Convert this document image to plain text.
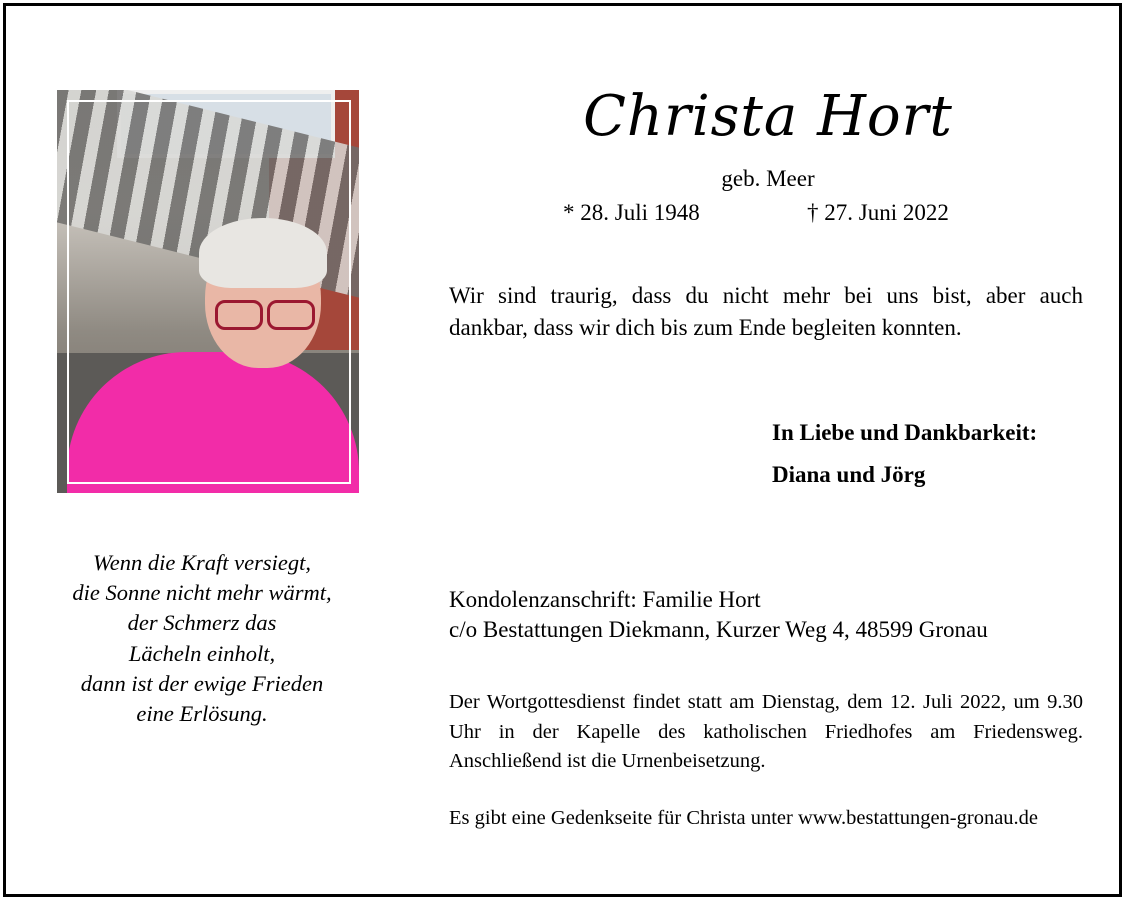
Wenn die Kraft versiegt,
die Sonne nicht mehr wärmt,
der Schmerz das
Lächeln einholt,
dann ist der ewige Frieden
eine Erlösung.
Christa Hort
geb. Meer
* 28. Juli 1948	† 27. Juni 2022
Wir sind traurig, dass du nicht mehr bei uns bist, aber auch
dankbar, dass wir dich bis zum Ende begleiten konnten.
In Liebe und Dankbarkeit:
Diana und Jörg
Kondolenzanschrift: Familie Hort
c/o Bestattungen Diekmann, Kurzer Weg 4, 48599 Gronau
Der Wortgottesdienst findet statt am Dienstag, dem 12. Juli 2022, um 9.30 Uhr in der Kapelle des katholischen Friedhofes am Friedensweg. Anschließend ist die Urnenbeisetzung.
Es gibt eine Gedenkseite für Christa unter www.bestattungen-gronau.de
